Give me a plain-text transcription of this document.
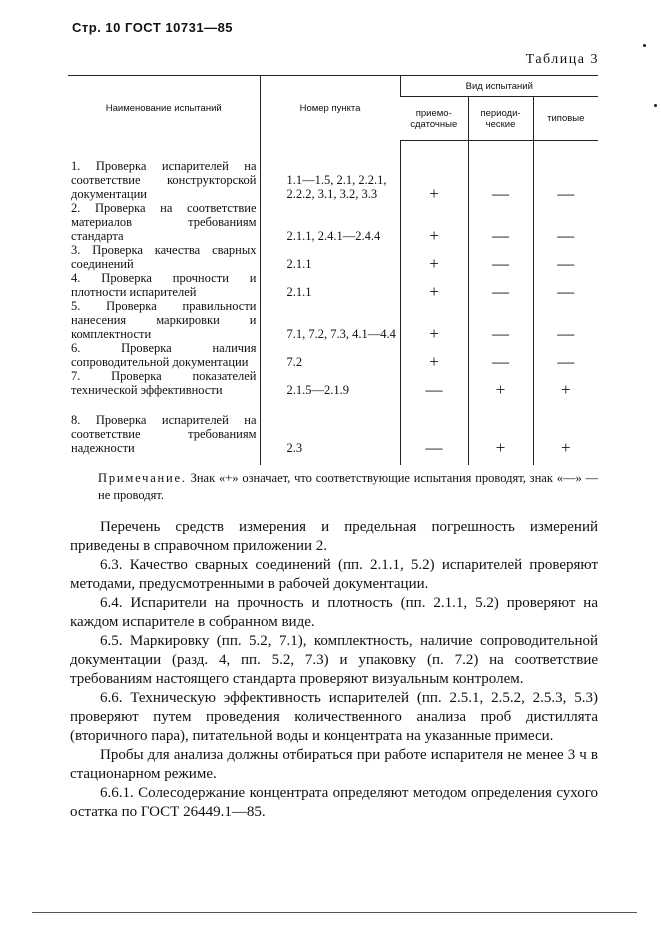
Стр. 10 ГОСТ 10731—85
Таблица 3
Наименование испытаний	Номер пункта	Вид испытаний		
		приемо-сдаточные	периоди-ческие	типовые
1. Проверка испарителей на соответствие конструкторской документации	1.1—1.5, 2.1, 2.2.1, 2.2.2, 3.1, 3.2, 3.3	+	—	—
2. Проверка на соответствие материалов требованиям стандарта	2.1.1, 2.4.1—2.4.4	+	—	—
3. Проверка качества сварных соединений	2.1.1	+	—	—
4. Проверка прочности и плотности испарителей	2.1.1	+	—	—
5. Проверка правильности нанесения маркировки и комплектности	7.1, 7.2, 7.3, 4.1—4.4	+	—	—
6. Проверка наличия сопроводительной документации	7.2	+	—	—
7. Проверка показателей технической эффективности	2.1.5—2.1.9	—	+	+
8. Проверка испарителей на соответствие требованиям надежности	2.3	—	+	+
Примечание. Знак «+» означает, что соответствующие испытания проводят, знак «—» — не проводят.

Перечень средств измерения и предельная погрешность измерений приведены в справочном приложении 2.

6.3. Качество сварных соединений (пп. 2.1.1, 5.2) испарителей проверяют методами, предусмотренными в рабочей документации.

6.4. Испарители на прочность и плотность (пп. 2.1.1, 5.2) проверяют на каждом испарителе в собранном виде.

6.5. Маркировку (пп. 5.2, 7.1), комплектность, наличие сопроводительной документации (разд. 4, пп. 5.2, 7.3) и упаковку (п. 7.2) на соответствие требованиям настоящего стандарта проверяют визуальным контролем.

6.6. Техническую эффективность испарителей (пп. 2.5.1, 2.5.2, 2.5.3, 5.3) проверяют путем проведения количественного анализа проб дистиллята (вторичного пара), питательной воды и концентрата на указанные примеси.

Пробы для анализа должны отбираться при работе испарителя не менее 3 ч в стационарном режиме.

6.6.1. Солесодержание концентрата определяют методом определения сухого остатка по ГОСТ 26449.1—85.
